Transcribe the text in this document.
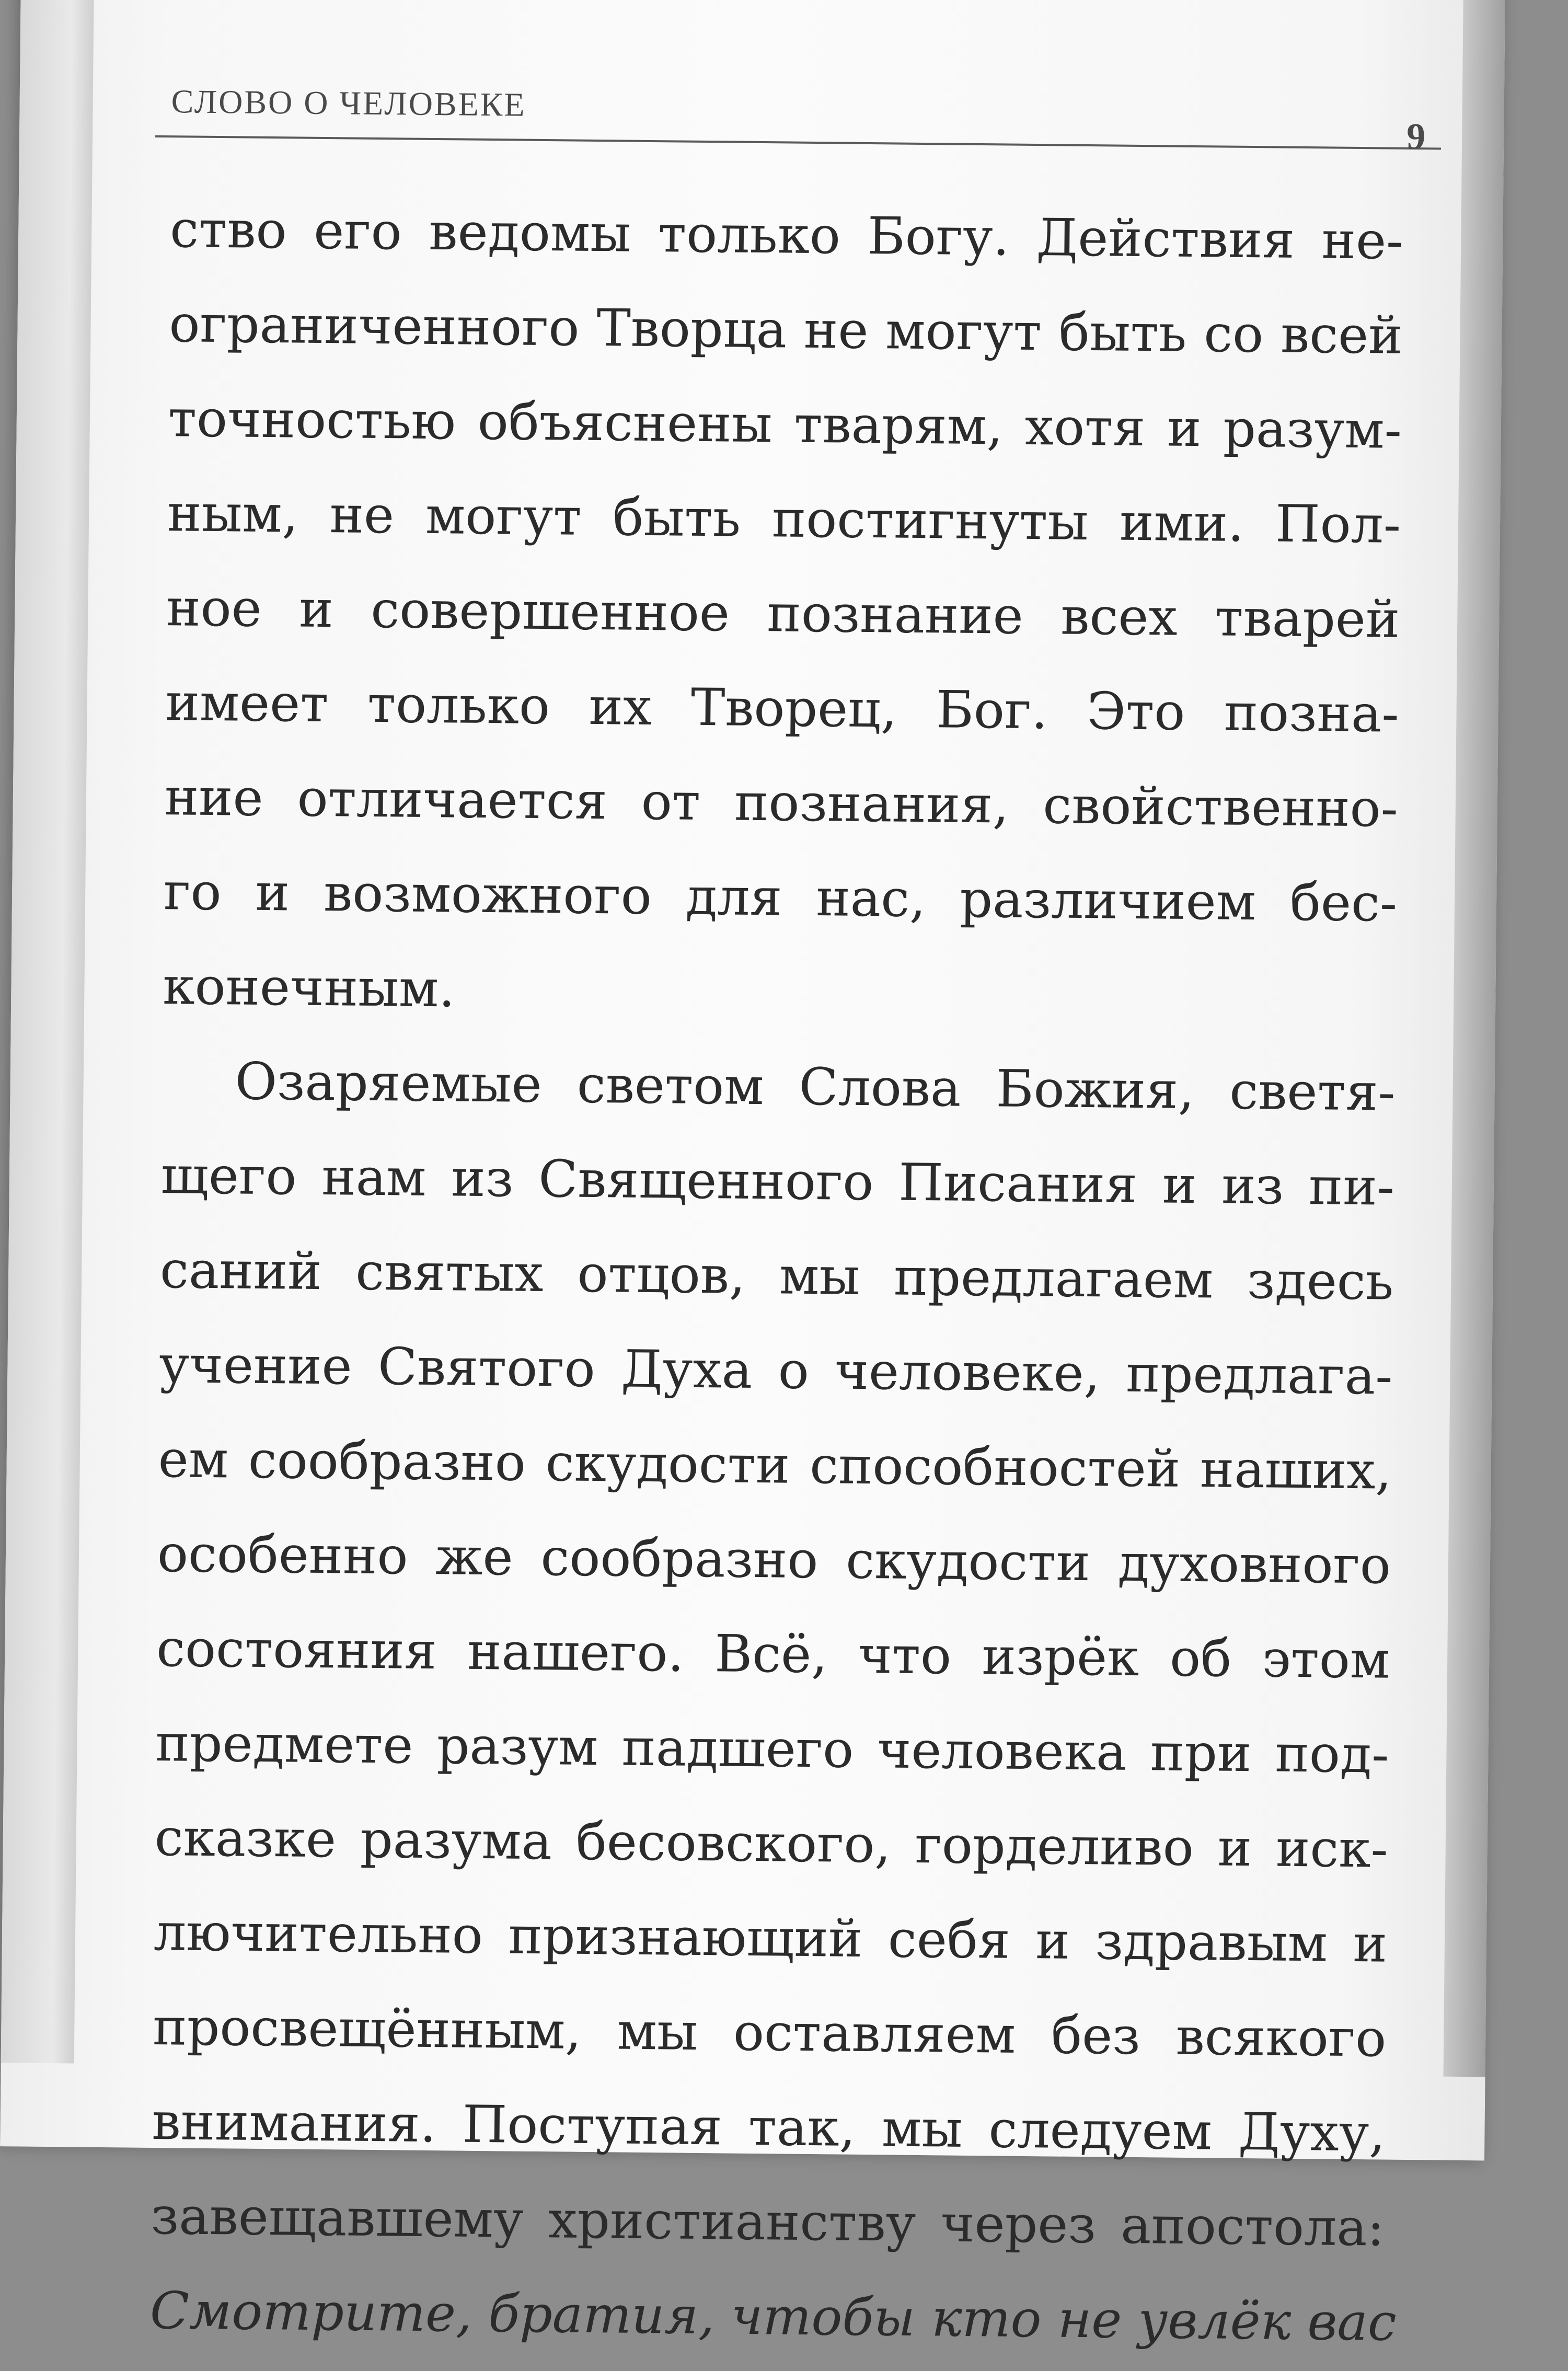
СЛОВО О ЧЕЛОВЕКЕ
9
ство его ведомы только Богу. Действия не-
ограниченного Творца не могут быть со всей
точностью объяснены тварям, хотя и разум-
ным, не могут быть постигнуты ими. Пол-
ное и совершенное познание всех тварей
имеет только их Творец, Бог. Это позна-
ние отличается от познания, свойственно-
го и возможного для нас, различием бес-
конечным.
Озаряемые светом Слова Божия, светя-
щего нам из Священного Писания и из пи-
саний святых отцов, мы предлагаем здесь
учение Святого Духа о человеке, предлага-
ем сообразно скудости способностей наших,
особенно же сообразно скудости духовного
состояния нашего. Всё, что изрёк об этом
предмете разум падшего человека при под-
сказке разума бесовского, горделиво и иск-
лючительно признающий себя и здравым и
просвещённым, мы оставляем без всякого
внимания. Поступая так, мы следуем Духу,
завещавшему христианству через апостола:
Смотрите, братия, чтобы кто не увлёк вас
